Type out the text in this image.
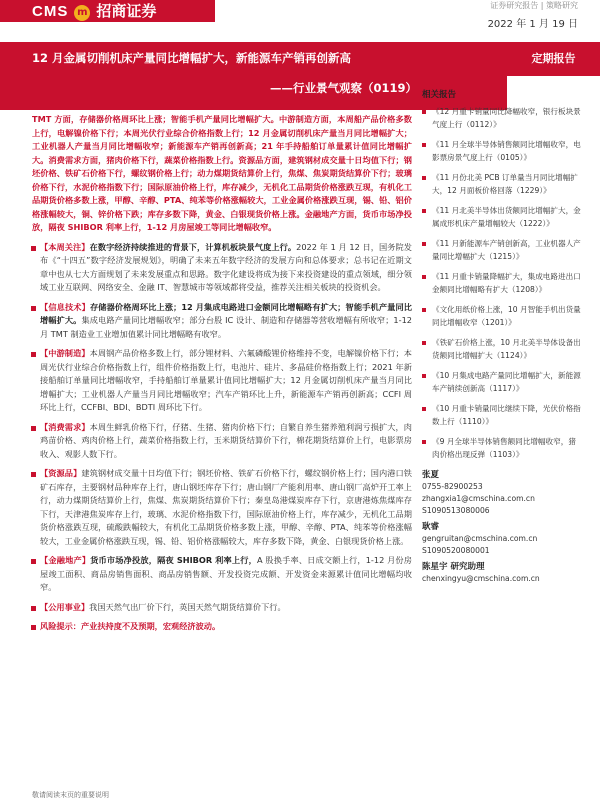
CMS m 招商证券	证券研究报告 | 策略研究
2022 年 1 月 19 日
12 月金属切削机床产量同比增幅扩大，新能源车产销再创新高
——行业景气观察（0119）
定期报告
TMT 方面，存储器价格周环比上涨；智能手机产量同比增幅扩大。中游制造方面，本周船产品价格多数上行，电解镍价格下行；本周光伏行业综合价格指数上行；12 月金属切削机床产量当月同比增幅扩大；工业机器人产量当月同比增幅收窄；新能源车产销再创新高；21 年手持船舶订单量累计值同比增幅扩大。消费需求方面，猪肉价格下行，蔬菜价格指数上行。资源品方面，建筑钢材成交量十日均值下行；钢坯价格、铁矿石价格下行，螺纹钢价格上行；动力煤期货结算价上行，焦煤、焦炭期货结算价下行；玻璃价格下行，水泥价格指数下行；国际原油价格上行，库存减少，无机化工品期货价格涨跌互现，有机化工品期货价格多数上涨，甲醇、辛醇、PTA、纯苯等价格涨幅较大，工业金属价格涨跌互现，锡、铅、铝价格涨幅较大，铜、锌价格下跌；库存多数下降，黄金、白银现货价格上涨。金融地产方面，货币市场净投放，隔夜 SHIBOR 利率上行，1-12 月房屋竣工等同比增幅收窄。
【本周关注】在数字经济持续推进的背景下，计算机板块景气度上行。2022 年 1 月 12 日，国务院发布《“十四五”数字经济发展规划》，明确了未来五年数字经济的发展方向和总体要求；总书记在近期文章中也从七大方面规划了未来发展重点和思路。数字化建设将成为接下来投资建设的重点领域，细分领域工业互联网、网络安全、金融 IT、智慧城市等领域都将受益，推荐关注相关板块的投资机会。
【信息技术】存储器价格周环比上涨；12 月集成电路进口金额同比增幅略有扩大；智能手机产量同比增幅扩大。集成电路产量同比增幅收窄；部分台股 IC 设计、制造和存储器等营收增幅有所收窄；1-12 月 TMT 制造业工业增加值累计同比增幅略有收窄。
【中游制造】本周钢产品价格多数上行，部分锂材料、六氟磷酸锂价格维持不变，电解镍价格下行；本周光伏行业综合价格指数上行，组件价格指数上行，电池片、硅片、多晶硅价格指数上行；2021 年新接船舶订单量同比增幅收窄，手持船舶订单量累计值同比增幅扩大；12 月金属切削机床产量当月同比增幅扩大；工业机器人产量当月同比增幅收窄；汽车产销环比上升，新能源车产销再创新高；CCFI 周环比上行，CCFBI、BDI、BDTI 周环比下行。
【消费需求】本周生鲜乳价格下行，仔猪、生猪、猪肉价格下行；自繁自养生猪养殖利润亏损扩大，肉鸡苗价格、鸡肉价格上行，蔬菜价格指数上行，玉米期货结算价下行，棉花期货结算价上行，电影票房收入、观影人数下行。
【资源品】建筑钢材成交量十日均值下行；钢坯价格、铁矿石价格下行，螺纹钢价格上行；国内港口铁矿石库存，主要钢材品种库存上行，唐山钢坯库存下行；唐山钢厂产能利用率、唐山钢厂高炉开工率上行，动力煤期货结算价上行，焦煤、焦炭期货结算价下行；秦皇岛港煤炭库存下行，京唐港炼焦煤库存下行，天津港焦炭库存上行，玻璃、水泥价格指数下行，国际原油价格上行，库存减少，无机化工品期货价格涨跌互现，硫酸跌幅较大，有机化工品期货价格多数上涨，甲醇、辛醇、PTA、纯苯等价格涨幅较大，工业金属价格涨跌互现，锡、铅、铝价格涨幅较大，库存多数下降，黄金、白银现货价格上涨。
【金融地产】货币市场净投放，隔夜 SHIBOR 利率上行，A 股换手率、日成交额上行，1-12 月份房屋竣工面积、商品房销售面积、商品房销售额、开发投资完成额、开发资金来源累计值同比增幅均收窄。
【公用事业】我国天然气出厂价下行，英国天然气期货结算价下行。
风险提示：产业扶持度不及预期，宏观经济波动。
相关报告
《12 月重卡销量同比降幅收窄，银行板块景气度上行（0112）》
《11 月全球半导体销售额同比增幅收窄，电影票房景气度上行（0105）》
《11 月份北美 PCB 订单量当月同比增幅扩大，12 月面板价格回落（1229）》
《11 月北美半导体出货额同比增幅扩大，金属成形机床产量增幅较大（1222）》
《11 月新能源车产销创新高，工业机器人产量同比增幅扩大（1215）》
《11 月重卡销量降幅扩大，集成电路进出口金额同比增幅略有扩大（1208）》
《文化用纸价格上涨，10 月智能手机出货量同比增幅收窄（1201）》
《铁矿石价格上涨，10 月北美半导体设备出货额同比增幅扩大（1124）》
《10 月集成电路产量同比增幅扩大，新能源车产销续创新高（1117）》
《10 月重卡销量同比继续下降，光伏价格指数上行（1110）》
《9 月全球半导体销售额同比增幅收窄，猪肉价格出现反弹（1103）》
张夏
0755-82900253
zhangxia1@cmschina.com.cn
S1090513080006
耿睿
gengruitan@cmschina.com.cn
S1090520080001
陈星宇 研究助理
chenxingyu@cmschina.com.cn
敬请阅读末页的重要说明
